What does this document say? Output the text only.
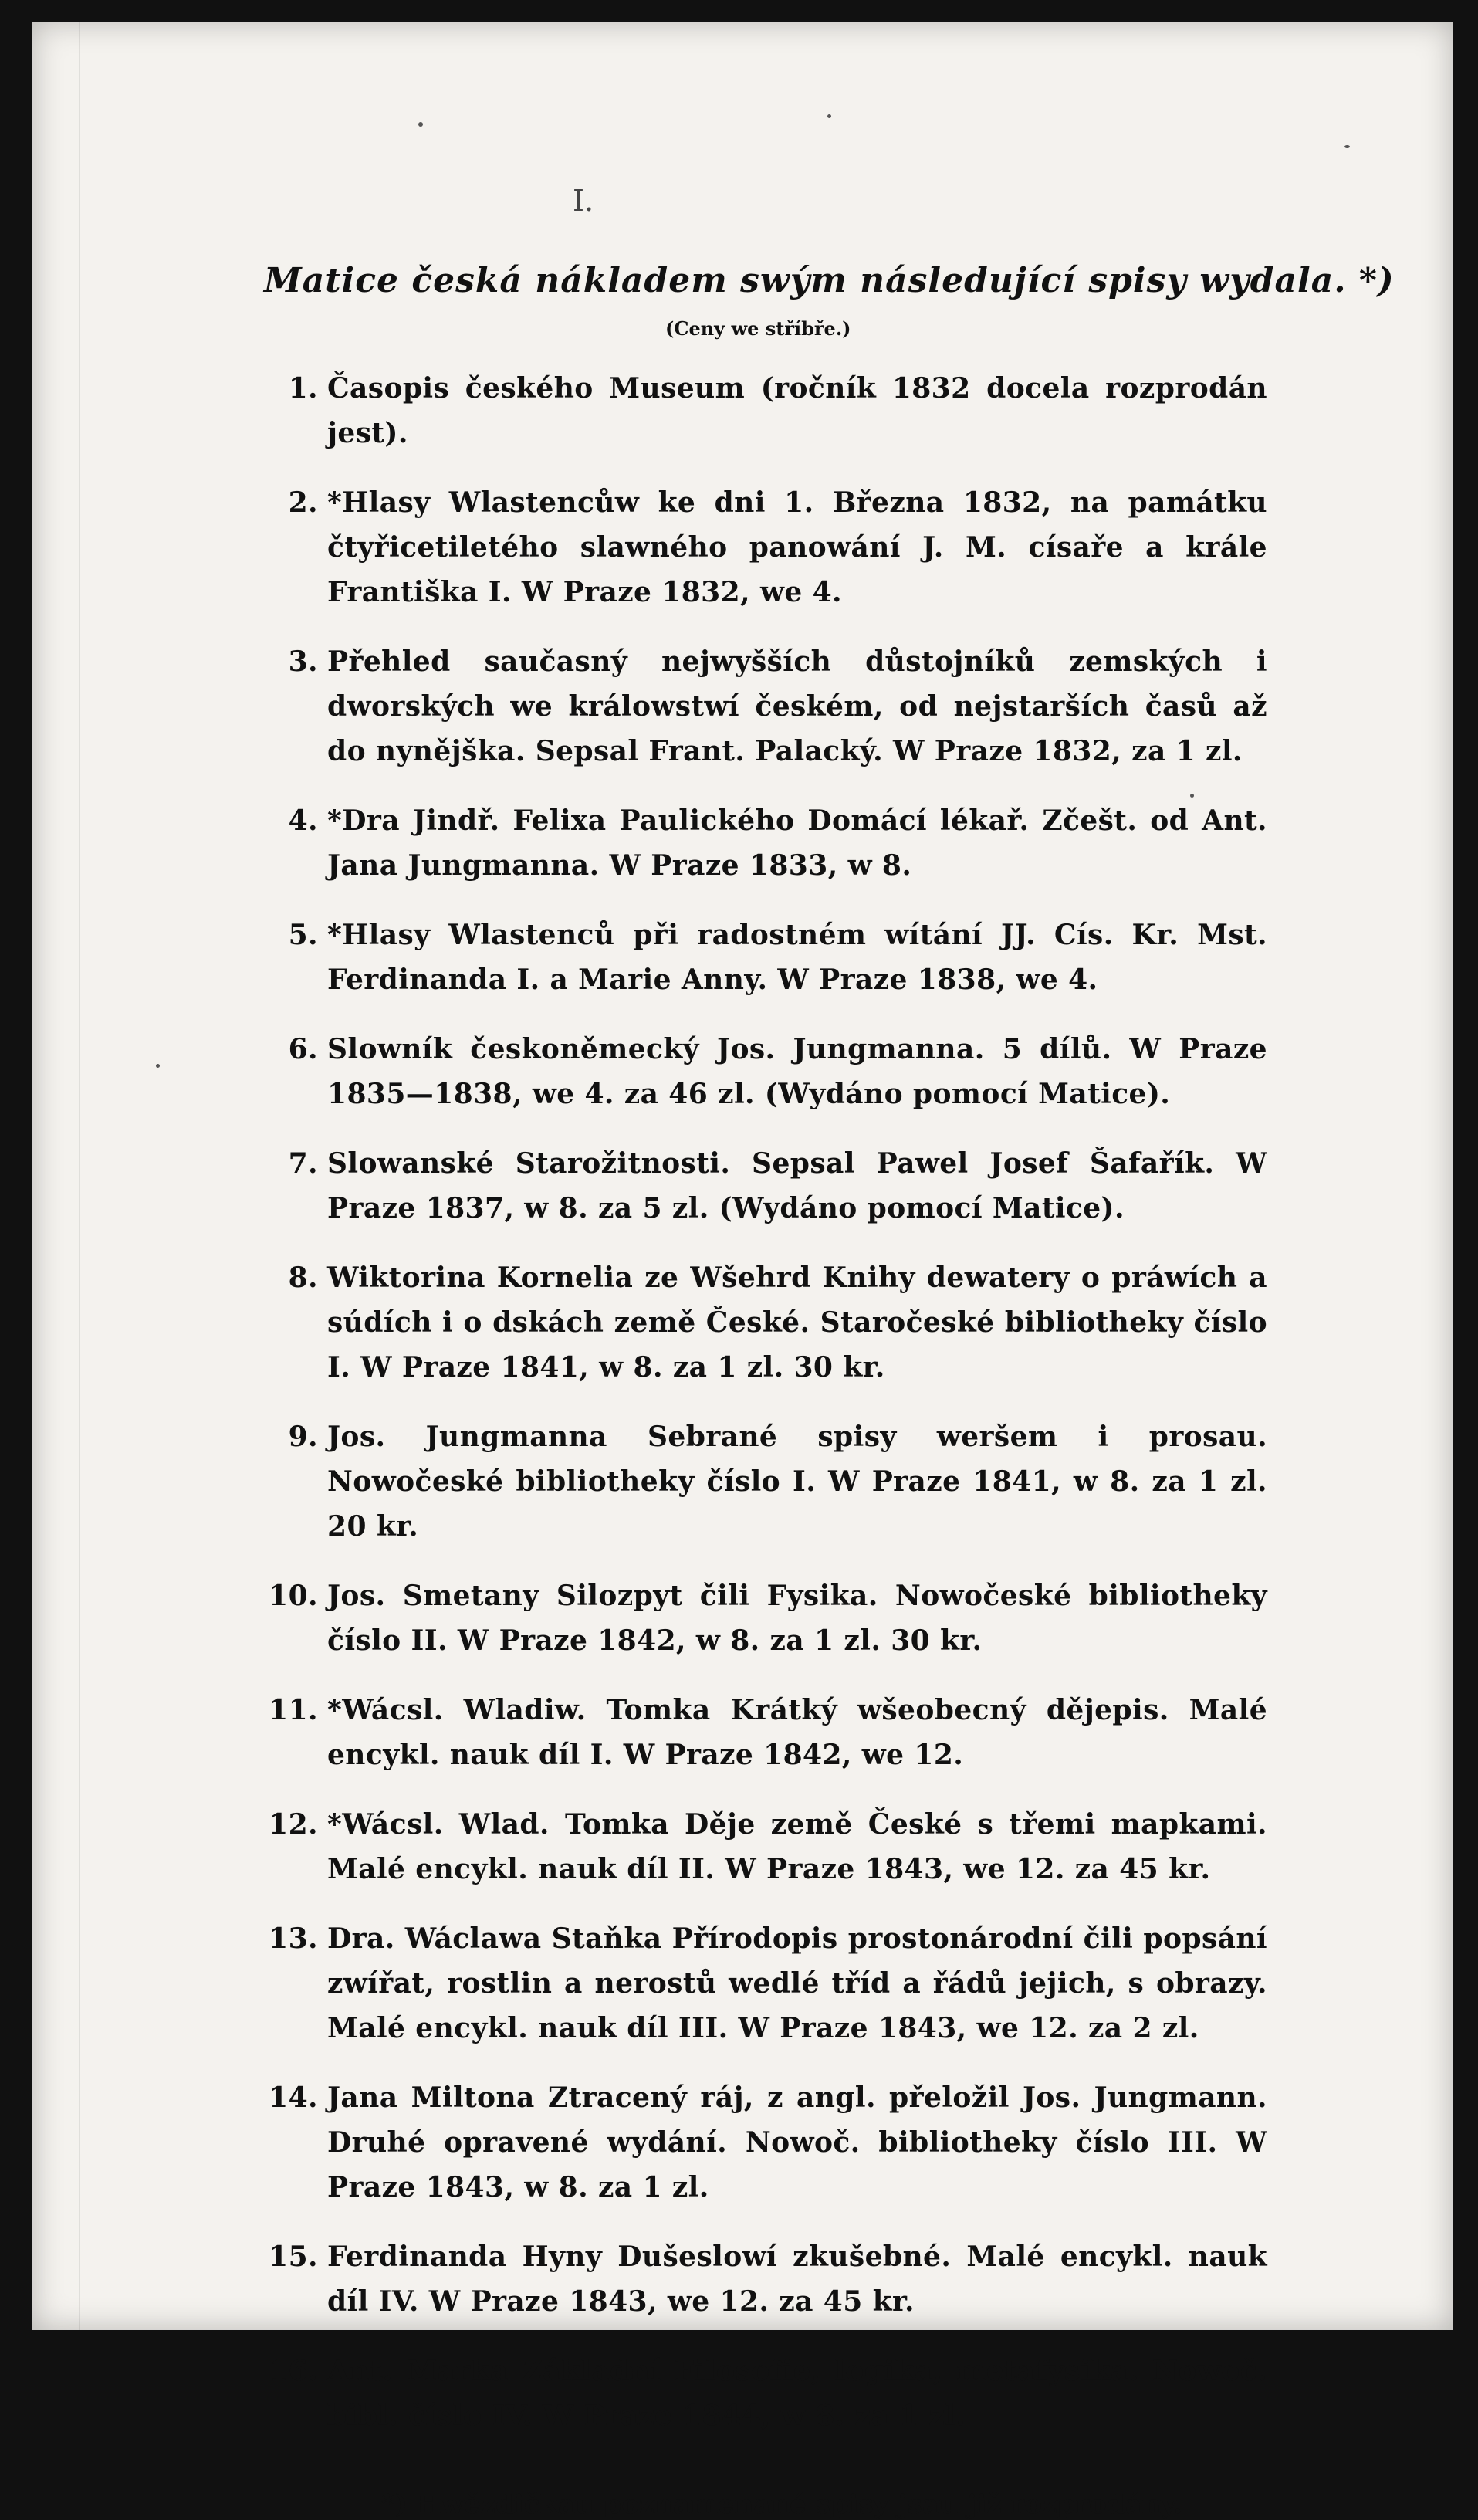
I.
Matice česká nákladem swým následující spisy wydala. *)
(Ceny we stříbře.)
1. Časopis českého Museum (ročník 1832 docela rozprodán jest).
2. *Hlasy Wlastencůw ke dni 1. Března 1832, na památku čtyřicetiletého slawného panowání J. M. císaře a krále Františka I. W Praze 1832, we 4.
3. Přehled saučasný nejwyšších důstojníků zemských i dworských we králowstwí českém, od nejstarších časů až do nynějška. Sepsal Frant. Palacký. W Praze 1832, za 1 zl.
4. *Dra Jindř. Felixa Paulického Domácí lékař. Zčešt. od Ant. Jana Jungmanna. W Praze 1833, w 8.
5. *Hlasy Wlastenců při radostném wítání JJ. Cís. Kr. Mst. Ferdinanda I. a Marie Anny. W Praze 1838, we 4.
6. Slowník českoněmecký Jos. Jungmanna. 5 dílů. W Praze 1835—1838, we 4. za 46 zl. (Wydáno pomocí Matice).
7. Slowanské Starožitnosti. Sepsal Pawel Josef Šafařík. W Praze 1837, w 8. za 5 zl. (Wydáno pomocí Matice).
8. Wiktorina Kornelia ze Wšehrd Knihy dewatery o práwích a súdích i o dskách země České. Staročeské bibliotheky číslo I. W Praze 1841, w 8. za 1 zl. 30 kr.
9. Jos. Jungmanna Sebrané spisy weršem i prosau. Nowočeské bibliotheky číslo I. W Praze 1841, w 8. za 1 zl. 20 kr.
10. Jos. Smetany Silozpyt čili Fysika. Nowočeské bibliotheky číslo II. W Praze 1842, w 8. za 1 zl. 30 kr.
11. *Wácsl. Wladiw. Tomka Krátký wšeobecný dějepis. Malé encykl. nauk díl I. W Praze 1842, we 12.
12. *Wácsl. Wlad. Tomka Děje země České s třemi mapkami. Malé encykl. nauk díl II. W Praze 1843, we 12. za 45 kr.
13. Dra. Wáclawa Staňka Přírodopis prostonárodní čili popsání zwířat, rostlin a nerostů wedlé tříd a řádů jejich, s obrazy. Malé encykl. nauk díl III. W Praze 1843, we 12. za 2 zl.
14. Jana Miltona Ztracený ráj, z angl. přeložil Jos. Jungmann. Druhé opravené wydání. Nowoč. bibliotheky číslo III. W Praze 1843, w 8. za 1 zl.
15. Ferdinanda Hyny Dušeslowí zkušebné. Malé encykl. nauk díl IV. W Praze 1843, we 12. za 45 kr.
16. Ant. Marka Základní Filosofie, logika, metafysika. Nowoč. bibl. číslo IV. W Praze 1844, w 8. za 1 zl.

*) Hwězdičkau poznamenané spisy jsau již rozprodány.
